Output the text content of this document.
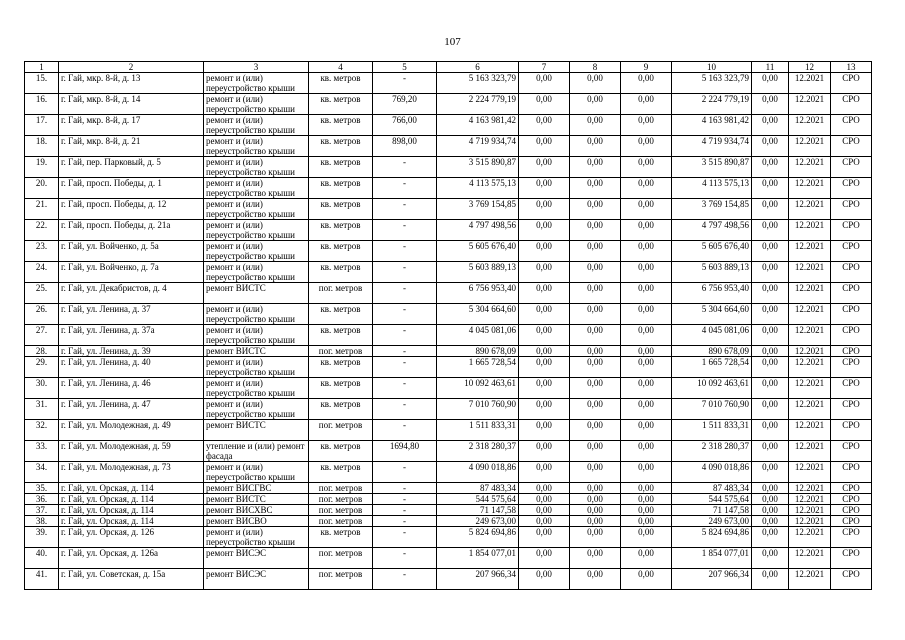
107
1	2	3	4	5	6	7	8	9	10	11	12	13
15.	г. Гай, мкр. 8-й, д. 13	ремонт и (или) переустройство крыши	кв. метров	-	5 163 323,79	0,00	0,00	0,00	5 163 323,79	0,00	12.2021	СРО
16.	г. Гай, мкр. 8-й, д. 14	ремонт и (или) переустройство крыши	кв. метров	769,20	2 224 779,19	0,00	0,00	0,00	2 224 779,19	0,00	12.2021	СРО
17.	г. Гай, мкр. 8-й, д. 17	ремонт и (или) переустройство крыши	кв. метров	766,00	4 163 981,42	0,00	0,00	0,00	4 163 981,42	0,00	12.2021	СРО
18.	г. Гай, мкр. 8-й, д. 21	ремонт и (или) переустройство крыши	кв. метров	898,00	4 719 934,74	0,00	0,00	0,00	4 719 934,74	0,00	12.2021	СРО
19.	г. Гай, пер. Парковый, д. 5	ремонт и (или) переустройство крыши	кв. метров	-	3 515 890,87	0,00	0,00	0,00	3 515 890,87	0,00	12.2021	СРО
20.	г. Гай, просп. Победы, д. 1	ремонт и (или) переустройство крыши	кв. метров	-	4 113 575,13	0,00	0,00	0,00	4 113 575,13	0,00	12.2021	СРО
21.	г. Гай, просп. Победы, д. 12	ремонт и (или) переустройство крыши	кв. метров	-	3 769 154,85	0,00	0,00	0,00	3 769 154,85	0,00	12.2021	СРО
22.	г. Гай, просп. Победы, д. 21а	ремонт и (или) переустройство крыши	кв. метров	-	4 797 498,56	0,00	0,00	0,00	4 797 498,56	0,00	12.2021	СРО
23.	г. Гай, ул. Войченко, д. 5а	ремонт и (или) переустройство крыши	кв. метров	-	5 605 676,40	0,00	0,00	0,00	5 605 676,40	0,00	12.2021	СРО
24.	г. Гай, ул. Войченко, д. 7а	ремонт и (или) переустройство крыши	кв. метров	-	5 603 889,13	0,00	0,00	0,00	5 603 889,13	0,00	12.2021	СРО
25.	г. Гай, ул. Декабристов, д. 4	ремонт ВИСТС	пог. метров	-	6 756 953,40	0,00	0,00	0,00	6 756 953,40	0,00	12.2021	СРО
26.	г. Гай, ул. Ленина, д. 37	ремонт и (или) переустройство крыши	кв. метров	-	5 304 664,60	0,00	0,00	0,00	5 304 664,60	0,00	12.2021	СРО
27.	г. Гай, ул. Ленина, д. 37а	ремонт и (или) переустройство крыши	кв. метров	-	4 045 081,06	0,00	0,00	0,00	4 045 081,06	0,00	12.2021	СРО
28.	г. Гай, ул. Ленина, д. 39	ремонт ВИСТС	пог. метров	-	890 678,09	0,00	0,00	0,00	890 678,09	0,00	12.2021	СРО
29.	г. Гай, ул. Ленина, д. 40	ремонт и (или) переустройство крыши	кв. метров	-	1 665 728,54	0,00	0,00	0,00	1 665 728,54	0,00	12.2021	СРО
30.	г. Гай, ул. Ленина, д. 46	ремонт и (или) переустройство крыши	кв. метров	-	10 092 463,61	0,00	0,00	0,00	10 092 463,61	0,00	12.2021	СРО
31.	г. Гай, ул. Ленина, д. 47	ремонт и (или) переустройство крыши	кв. метров	-	7 010 760,90	0,00	0,00	0,00	7 010 760,90	0,00	12.2021	СРО
32.	г. Гай, ул. Молодежная, д. 49	ремонт ВИСТС	пог. метров	-	1 511 833,31	0,00	0,00	0,00	1 511 833,31	0,00	12.2021	СРО
33.	г. Гай, ул. Молодежная, д. 59	утепление и (или) ремонт фасада	кв. метров	1694,80	2 318 280,37	0,00	0,00	0,00	2 318 280,37	0,00	12.2021	СРО
34.	г. Гай, ул. Молодежная, д. 73	ремонт и (или) переустройство крыши	кв. метров	-	4 090 018,86	0,00	0,00	0,00	4 090 018,86	0,00	12.2021	СРО
35.	г. Гай, ул. Орская, д. 114	ремонт ВИСГВС	пог. метров	-	87 483,34	0,00	0,00	0,00	87 483,34	0,00	12.2021	СРО
36.	г. Гай, ул. Орская, д. 114	ремонт ВИСТС	пог. метров	-	544 575,64	0,00	0,00	0,00	544 575,64	0,00	12.2021	СРО
37.	г. Гай, ул. Орская, д. 114	ремонт ВИСХВС	пог. метров	-	71 147,58	0,00	0,00	0,00	71 147,58	0,00	12.2021	СРО
38.	г. Гай, ул. Орская, д. 114	ремонт ВИСВО	пог. метров	-	249 673,00	0,00	0,00	0,00	249 673,00	0,00	12.2021	СРО
39.	г. Гай, ул. Орская, д. 126	ремонт и (или) переустройство крыши	кв. метров	-	5 824 694,86	0,00	0,00	0,00	5 824 694,86	0,00	12.2021	СРО
40.	г. Гай, ул. Орская, д. 126а	ремонт ВИСЭС	пог. метров	-	1 854 077,01	0,00	0,00	0,00	1 854 077,01	0,00	12.2021	СРО
41.	г. Гай, ул. Советская, д. 15а	ремонт ВИСЭС	пог. метров	-	207 966,34	0,00	0,00	0,00	207 966,34	0,00	12.2021	СРО
